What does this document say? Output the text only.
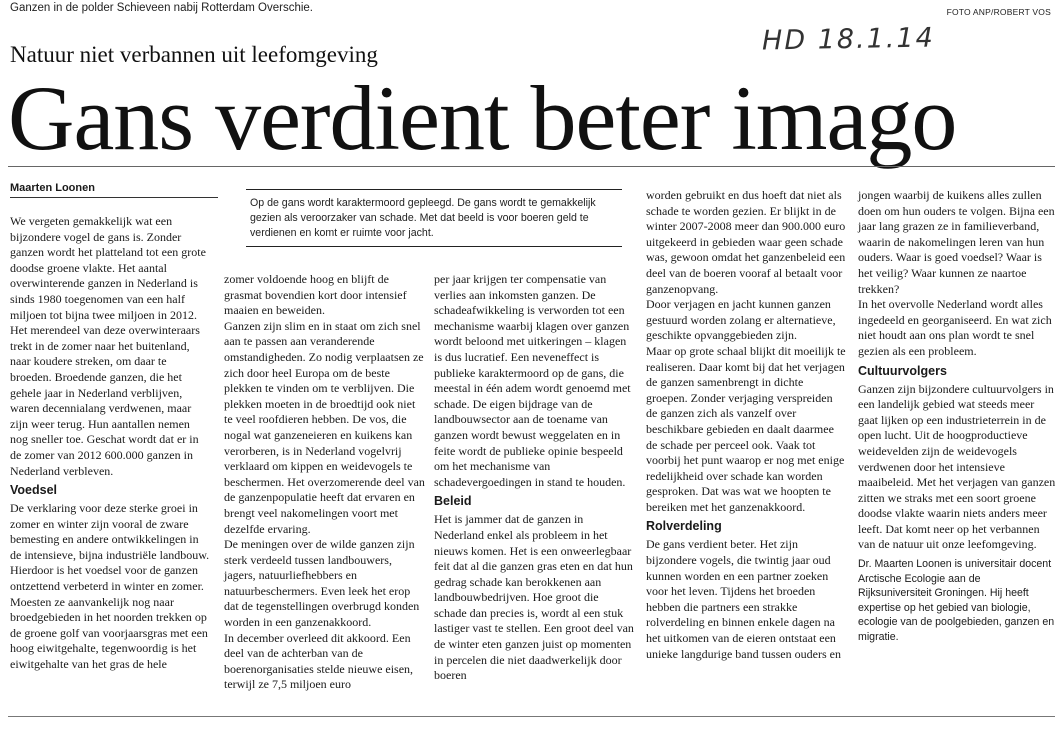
Ganzen in de polder Schieveen nabij Rotterdam Overschie.	FOTO ANP/ROBERT VOS
HD 18.1.14
Natuur niet verbannen uit leefomgeving
Gans verdient beter imago
Maarten Loonen
Op de gans wordt karaktermoord gepleegd. De gans wordt te gemakkelijk gezien als veroorzaker van schade. Met dat beeld is voor boeren geld te verdienen en komt er ruimte voor jacht.

We vergeten gemakkelijk wat een bijzondere vogel de gans is. Zonder ganzen wordt het platteland tot een grote doodse groene vlakte. Het aantal overwinterende ganzen in Nederland is sinds 1980 toegenomen van een half miljoen tot bijna twee miljoen in 2012. Het merendeel van deze overwinteraars trekt in de zomer naar het buitenland, naar koudere streken, om daar te broeden. Broedende ganzen, die het gehele jaar in Nederland verblijven, waren decennialang verdwenen, maar zijn weer terug. Hun aantallen nemen nog sneller toe. Geschat wordt dat er in de zomer van 2012 600.000 ganzen in Nederland verbleven.

Voedsel

De verklaring voor deze sterke groei in zomer en winter zijn vooral de zware bemesting en andere ontwikkelingen in de intensieve, bijna industriële landbouw. Hierdoor is het voedsel voor de ganzen ontzettend verbeterd in winter en zomer. Moesten ze aanvankelijk nog naar broedgebieden in het noorden trekken op de groene golf van voorjaarsgras met een hoog eiwitgehalte, tegenwoordig is het eiwitgehalte van het gras de hele

zomer voldoende hoog en blijft de grasmat bovendien kort door intensief maaien en beweiden.

Ganzen zijn slim en in staat om zich snel aan te passen aan veranderende omstandigheden. Zo nodig verplaatsen ze zich door heel Europa om de beste plekken te vinden om te verblijven. Die plekken moeten in de broedtijd ook niet te veel roofdieren hebben. De vos, die nogal wat ganzeneieren en kuikens kan verorberen, is in Nederland vogelvrij verklaard om kippen en weidevogels te beschermen. Het overzomerende deel van de ganzenpopulatie heeft dat ervaren en brengt veel nakomelingen voort met dezelfde ervaring.

De meningen over de wilde ganzen zijn sterk verdeeld tussen landbouwers, jagers, natuurliefhebbers en natuurbeschermers. Even leek het erop dat de tegenstellingen overbrugd konden worden in een ganzenakkoord.

In december overleed dit akkoord. Een deel van de achterban van de boerenorganisaties stelde nieuwe eisen, terwijl ze 7,5 miljoen euro

per jaar krijgen ter compensatie van verlies aan inkomsten ganzen. De schadeafwikkeling is verworden tot een mechanisme waarbij klagen over ganzen wordt beloond met uitkeringen – klagen is dus lucratief. Een neveneffect is publieke karaktermoord op de gans, die meestal in één adem wordt genoemd met schade. De eigen bijdrage van de landbouwsector aan de toename van ganzen wordt bewust weggelaten en in feite wordt de publieke opinie bespeeld om het mechanisme van schadevergoedingen in stand te houden.

Beleid

Het is jammer dat de ganzen in Nederland enkel als probleem in het nieuws komen. Het is een onweerlegbaar feit dat al die ganzen gras eten en dat hun gedrag schade kan berokkenen aan landbouwbedrijven. Hoe groot die schade dan precies is, wordt al een stuk lastiger vast te stellen. Een groot deel van de winter eten ganzen juist op momenten in percelen die niet daadwerkelijk door boeren

worden gebruikt en dus hoeft dat niet als schade te worden gezien. Er blijkt in de winter 2007-2008 meer dan 900.000 euro uitgekeerd in gebieden waar geen schade was, gewoon omdat het ganzenbeleid een deel van de boeren vooraf al betaalt voor ganzenopvang.

Door verjagen en jacht kunnen ganzen gestuurd worden zolang er alternatieve, geschikte opvanggebieden zijn.

Maar op grote schaal blijkt dit moeilijk te realiseren. Daar komt bij dat het verjagen de ganzen samenbrengt in dichte groepen. Zonder verjaging verspreiden de ganzen zich als vanzelf over beschikbare gebieden en daalt daarmee de schade per perceel ook. Vaak tot voorbij het punt waarop er nog met enige redelijkheid over schade kan worden gesproken. Dat was wat we hoopten te bereiken met het ganzenakkoord.

Rolverdeling

De gans verdient beter. Het zijn bijzondere vogels, die twintig jaar oud kunnen worden en een partner zoeken voor het leven. Tijdens het broeden hebben die partners een strakke rolverdeling en binnen enkele dagen na het uitkomen van de eieren ontstaat een unieke langdurige band tussen ouders en

jongen waarbij de kuikens alles zullen doen om hun ouders te volgen. Bijna een jaar lang grazen ze in familieverband, waarin de nakomelingen leren van hun ouders. Waar is goed voedsel? Waar is het veilig? Waar kunnen ze naartoe trekken?

In het overvolle Nederland wordt alles ingedeeld en georganiseerd. En wat zich niet houdt aan ons plan wordt te snel gezien als een probleem.

Cultuurvolgers

Ganzen zijn bijzondere cultuurvolgers in een landelijk gebied wat steeds meer gaat lijken op een industrieterrein in de open lucht. Uit de hoogproductieve weidevelden zijn de weidevogels verdwenen door het intensieve maaibeleid. Met het verjagen van ganzen zitten we straks met een soort groene doodse vlakte waarin niets anders meer leeft. Dat komt neer op het verbannen van de natuur uit onze leefomgeving.

Dr. Maarten Loonen is universitair docent Arctische Ecologie aan de Rijksuniversiteit Groningen. Hij heeft expertise op het gebied van biologie, ecologie van de poolgebieden, ganzen en migratie.
